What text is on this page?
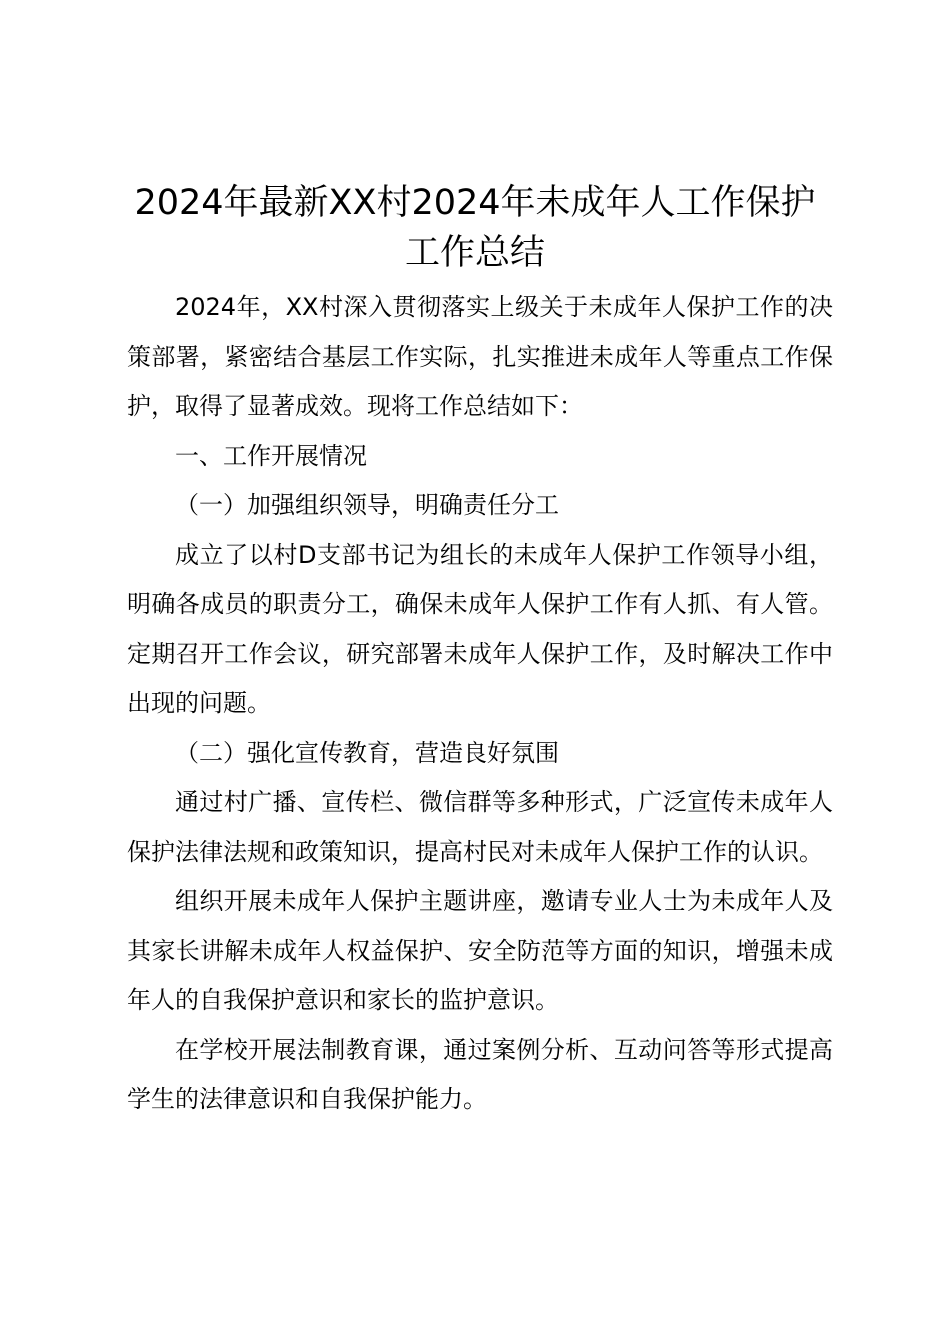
2024年最新XX村2024年未成年人工作保护工作总结

2024年，XX村深入贯彻落实上级关于未成年人保护工作的决策部署，紧密结合基层工作实际，扎实推进未成年人等重点工作保护，取得了显著成效。现将工作总结如下：

一、工作开展情况

（一）加强组织领导，明确责任分工

成立了以村D支部书记为组长的未成年人保护工作领导小组，明确各成员的职责分工，确保未成年人保护工作有人抓、有人管。定期召开工作会议，研究部署未成年人保护工作，及时解决工作中出现的问题。

（二）强化宣传教育，营造良好氛围

通过村广播、宣传栏、微信群等多种形式，广泛宣传未成年人保护法律法规和政策知识，提高村民对未成年人保护工作的认识。

组织开展未成年人保护主题讲座，邀请专业人士为未成年人及其家长讲解未成年人权益保护、安全防范等方面的知识，增强未成年人的自我保护意识和家长的监护意识。

在学校开展法制教育课，通过案例分析、互动问答等形式提高学生的法律意识和自我保护能力。
